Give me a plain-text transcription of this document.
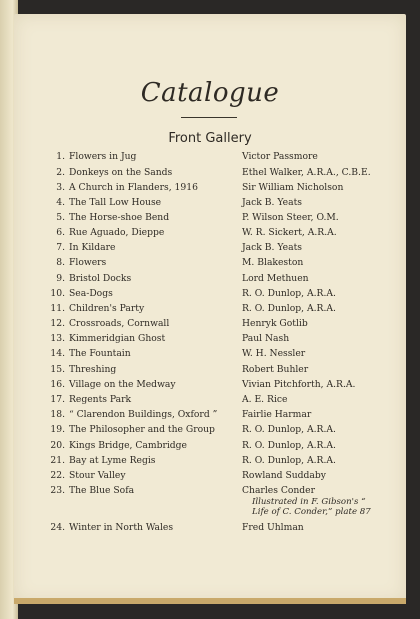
Catalogue
Front Gallery
1. Flowers in Jug	Victor Passmore
2. Donkeys on the Sands	Ethel Walker, A.R.A., C.B.E.
3. A Church in Flanders, 1916	Sir William Nicholson
4. The Tall Low House	Jack B. Yeats
5. The Horse-shoe Bend	P. Wilson Steer, O.M.
6. Rue Aguado, Dieppe	W. R. Sickert, A.R.A.
7. In Kildare	Jack B. Yeats
8. Flowers	M. Blakeston
9. Bristol Docks	Lord Methuen
10. Sea-Dogs	R. O. Dunlop, A.R.A.
11. Children's Party	R. O. Dunlop, A.R.A.
12. Crossroads, Cornwall	Henryk Gotlib
13. Kimmeridgian Ghost	Paul Nash
14. The Fountain	W. H. Nessler
15. Threshing	Robert Buhler
16. Village on the Medway	Vivian Pitchforth, A.R.A.
17. Regents Park	A. E. Rice
18. “ Clarendon Buildings, Oxford ”	Fairlie Harmar
19. The Philosopher and the Group	R. O. Dunlop, A.R.A.
20. Kings Bridge, Cambridge	R. O. Dunlop, A.R.A.
21. Bay at Lyme Regis	R. O. Dunlop, A.R.A.
22. Stour Valley	Rowland Suddaby
23. The Blue Sofa	Charles Conder
Illustrated in F. Gibson's “ Life of C. Conder,” plate 87
24. Winter in North Wales	Fred Uhlman
